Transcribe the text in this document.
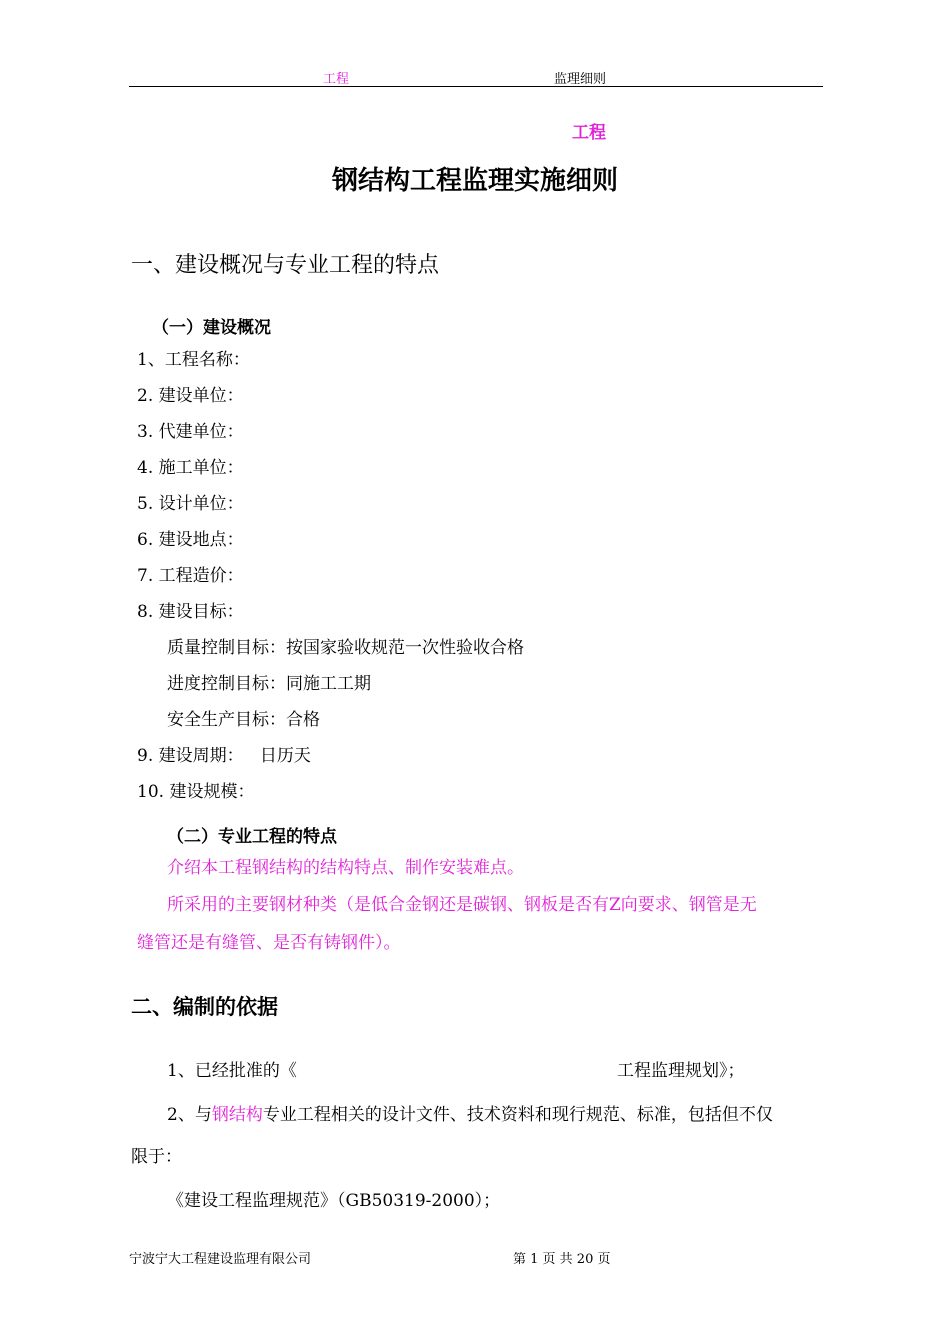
工程	监理细则
工程
钢结构工程监理实施细则
一、建设概况与专业工程的特点
（一）建设概况
1、工程名称：
2. 建设单位：
3. 代建单位：
4. 施工单位：
5. 设计单位：
6. 建设地点：
7. 工程造价：
8. 建设目标：
质量控制目标：按国家验收规范一次性验收合格
进度控制目标：同施工工期
安全生产目标：合格
9. 建设周期：   日历天
10. 建设规模：
（二）专业工程的特点
介绍本工程钢结构的结构特点、制作安装难点。
所采用的主要钢材种类（是低合金钢还是碳钢、钢板是否有Z向要求、钢管是无
缝管还是有缝管、是否有铸钢件）。
二、编制的依据
1、已经批准的《	工程监理规划》；
2、与钢结构专业工程相关的设计文件、技术资料和现行规范、标准，包括但不仅
限于：
《建设工程监理规范》（GB50319-2000）；
宁波宁大工程建设监理有限公司	第 1 页 共 20 页
